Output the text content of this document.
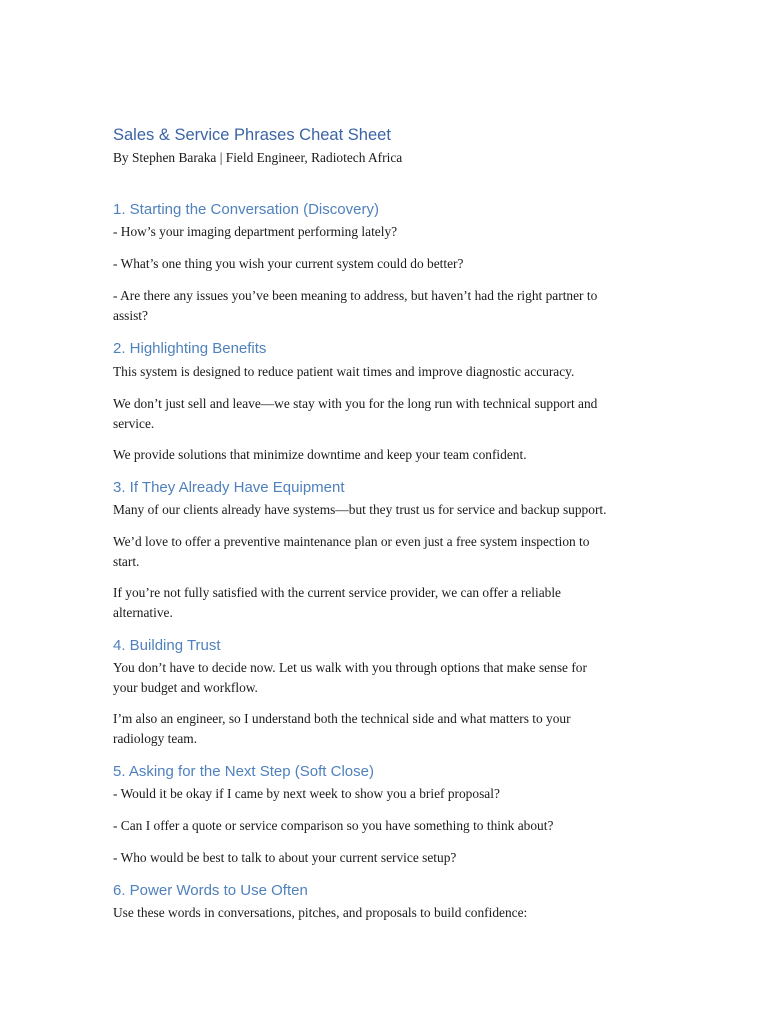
Sales & Service Phrases Cheat Sheet
By Stephen Baraka | Field Engineer, Radiotech Africa
1. Starting the Conversation (Discovery)
- How’s your imaging department performing lately?
- What’s one thing you wish your current system could do better?
- Are there any issues you’ve been meaning to address, but haven’t had the right partner to
assist?
2. Highlighting Benefits
This system is designed to reduce patient wait times and improve diagnostic accuracy.
We don’t just sell and leave—we stay with you for the long run with technical support and
service.
We provide solutions that minimize downtime and keep your team confident.
3. If They Already Have Equipment
Many of our clients already have systems—but they trust us for service and backup support.
We’d love to offer a preventive maintenance plan or even just a free system inspection to
start.
If you’re not fully satisfied with the current service provider, we can offer a reliable
alternative.
4. Building Trust
You don’t have to decide now. Let us walk with you through options that make sense for
your budget and workflow.
I’m also an engineer, so I understand both the technical side and what matters to your
radiology team.
5. Asking for the Next Step (Soft Close)
- Would it be okay if I came by next week to show you a brief proposal?
- Can I offer a quote or service comparison so you have something to think about?
- Who would be best to talk to about your current service setup?
6. Power Words to Use Often
Use these words in conversations, pitches, and proposals to build confidence:
